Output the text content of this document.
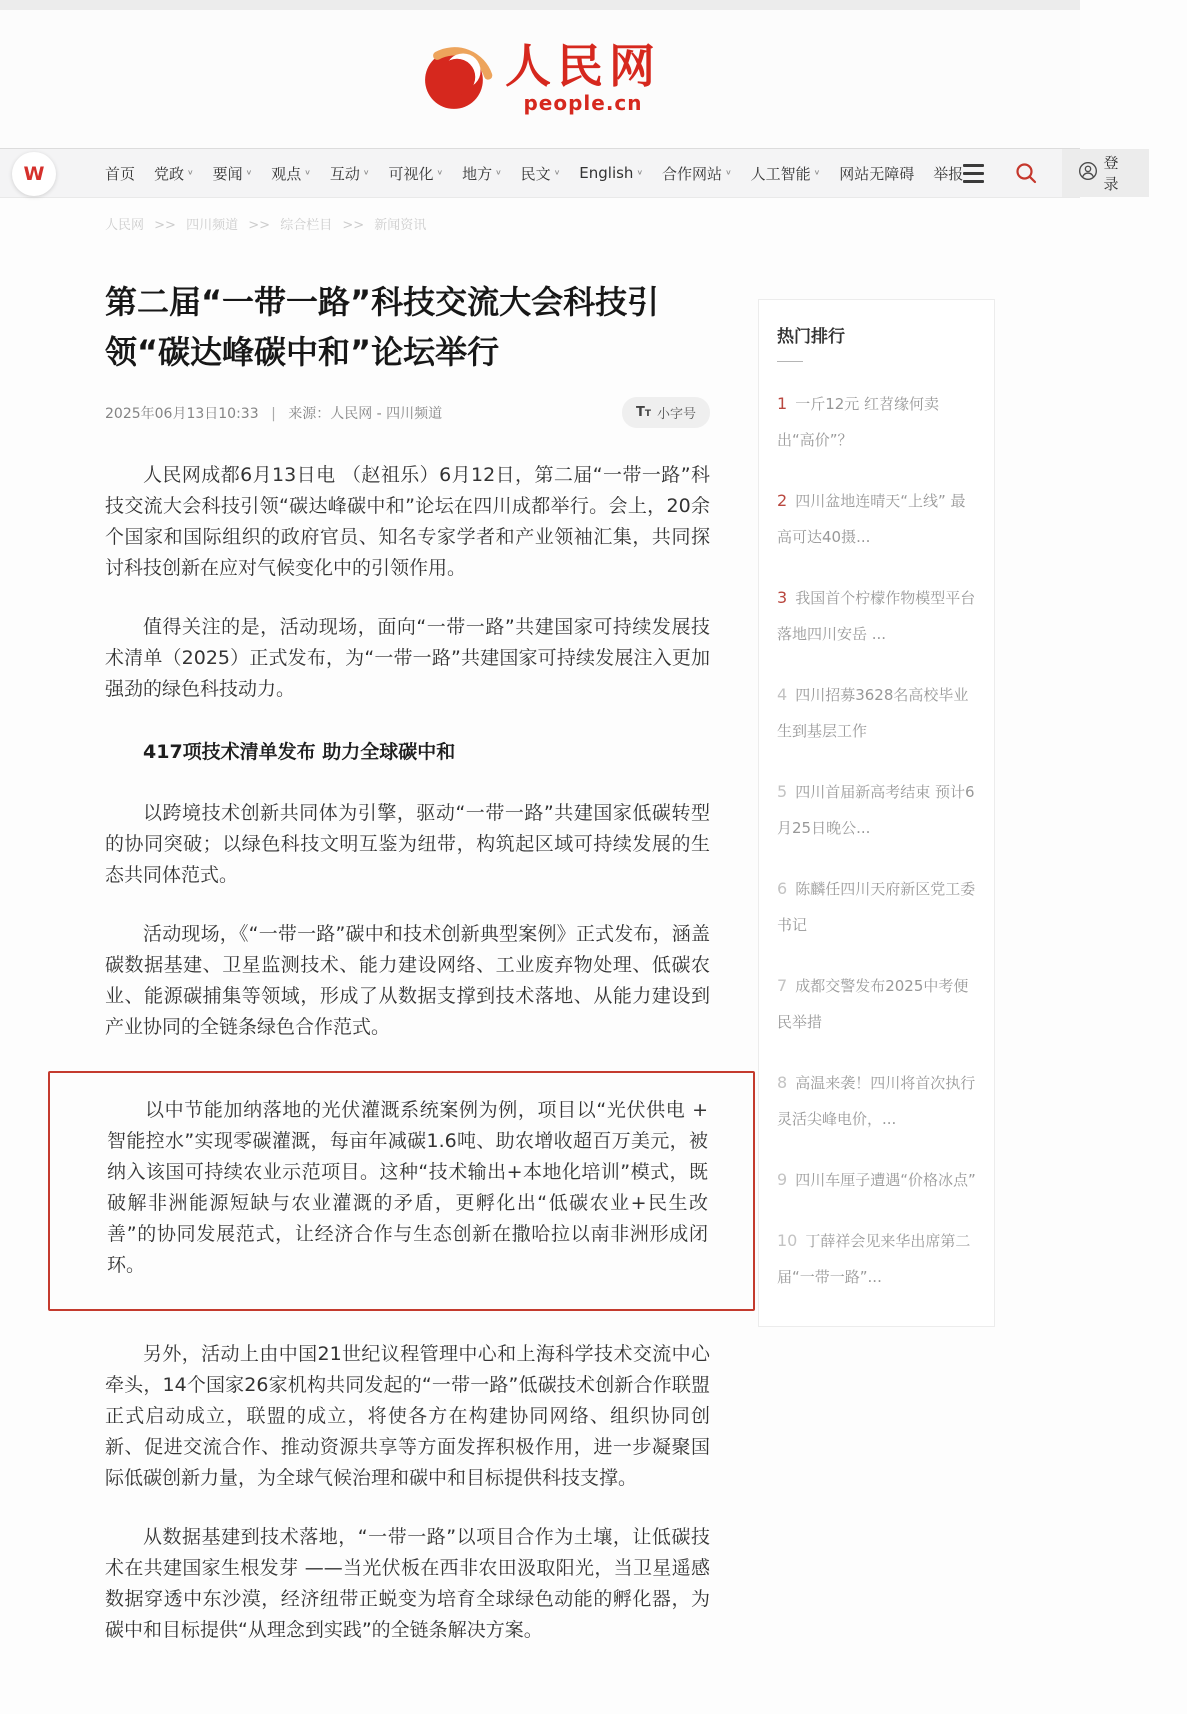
人民网
people.cn
W	首页 党政 ∨ 要闻 ∨ 观点 ∨ 互动 ∨ 可视化 ∨ 地方 ∨ 民文 ∨ English ∨ 合作网站 ∨ 人工智能 ∨ 网站无障碍 举报
登录
人民网 >> 四川频道 >> 综合栏目 >> 新闻资讯
第二届“一带一路”科技交流大会科技引领“碳达峰碳中和”论坛举行
2025年06月13日10:33 | 来源：人民网 - 四川频道	TT 小字号

人民网成都6月13日电 （赵祖乐）6月12日，第二届“一带一路”科技交流大会科技引领“碳达峰碳中和”论坛在四川成都举行。会上，20余个国家和国际组织的政府官员、知名专家学者和产业领袖汇集，共同探讨科技创新在应对气候变化中的引领作用。

值得关注的是，活动现场，面向“一带一路”共建国家可持续发展技术清单（2025）正式发布，为“一带一路”共建国家可持续发展注入更加强劲的绿色科技动力。

417项技术清单发布 助力全球碳中和

以跨境技术创新共同体为引擎，驱动“一带一路”共建国家低碳转型的协同突破；以绿色科技文明互鉴为纽带，构筑起区域可持续发展的生态共同体范式。

活动现场，《“一带一路”碳中和技术创新典型案例》正式发布，涵盖碳数据基建、卫星监测技术、能力建设网络、工业废弃物处理、低碳农业、能源碳捕集等领域，形成了从数据支撑到技术落地、从能力建设到产业协同的全链条绿色合作范式。

以中节能加纳落地的光伏灌溉系统案例为例，项目以“光伏供电 + 智能控水”实现零碳灌溉，每亩年减碳1.6吨、助农增收超百万美元，被纳入该国可持续农业示范项目。这种“技术输出+本地化培训”模式，既破解非洲能源短缺与农业灌溉的矛盾，更孵化出“低碳农业+民生改善”的协同发展范式，让经济合作与生态创新在撒哈拉以南非洲形成闭环。

另外，活动上由中国21世纪议程管理中心和上海科学技术交流中心牵头，14个国家26家机构共同发起的“一带一路”低碳技术创新合作联盟正式启动成立，联盟的成立，将使各方在构建协同网络、组织协同创新、促进交流合作、推动资源共享等方面发挥积极作用，进一步凝聚国际低碳创新力量，为全球气候治理和碳中和目标提供科技支撑。

从数据基建到技术落地，“一带一路”以项目合作为土壤，让低碳技术在共建国家生根发芽 ——当光伏板在西非农田汲取阳光，当卫星遥感数据穿透中东沙漠，经济纽带正蜕变为培育全球绿色动能的孵化器，为碳中和目标提供“从理念到实践”的全链条解决方案。

热门排行
1 一斤12元 红苕缘何卖出“高价”？
2 四川盆地连晴天“上线” 最高可达40摄...
3 我国首个柠檬作物模型平台落地四川安岳 ...
4 四川招募3628名高校毕业生到基层工作
5 四川首届新高考结束 预计6月25日晚公...
6 陈麟任四川天府新区党工委书记
7 成都交警发布2025中考便民举措
8 高温来袭！四川将首次执行灵活尖峰电价，...
9 四川车厘子遭遇“价格冰点”
10 丁薛祥会见来华出席第二届“一带一路”...
